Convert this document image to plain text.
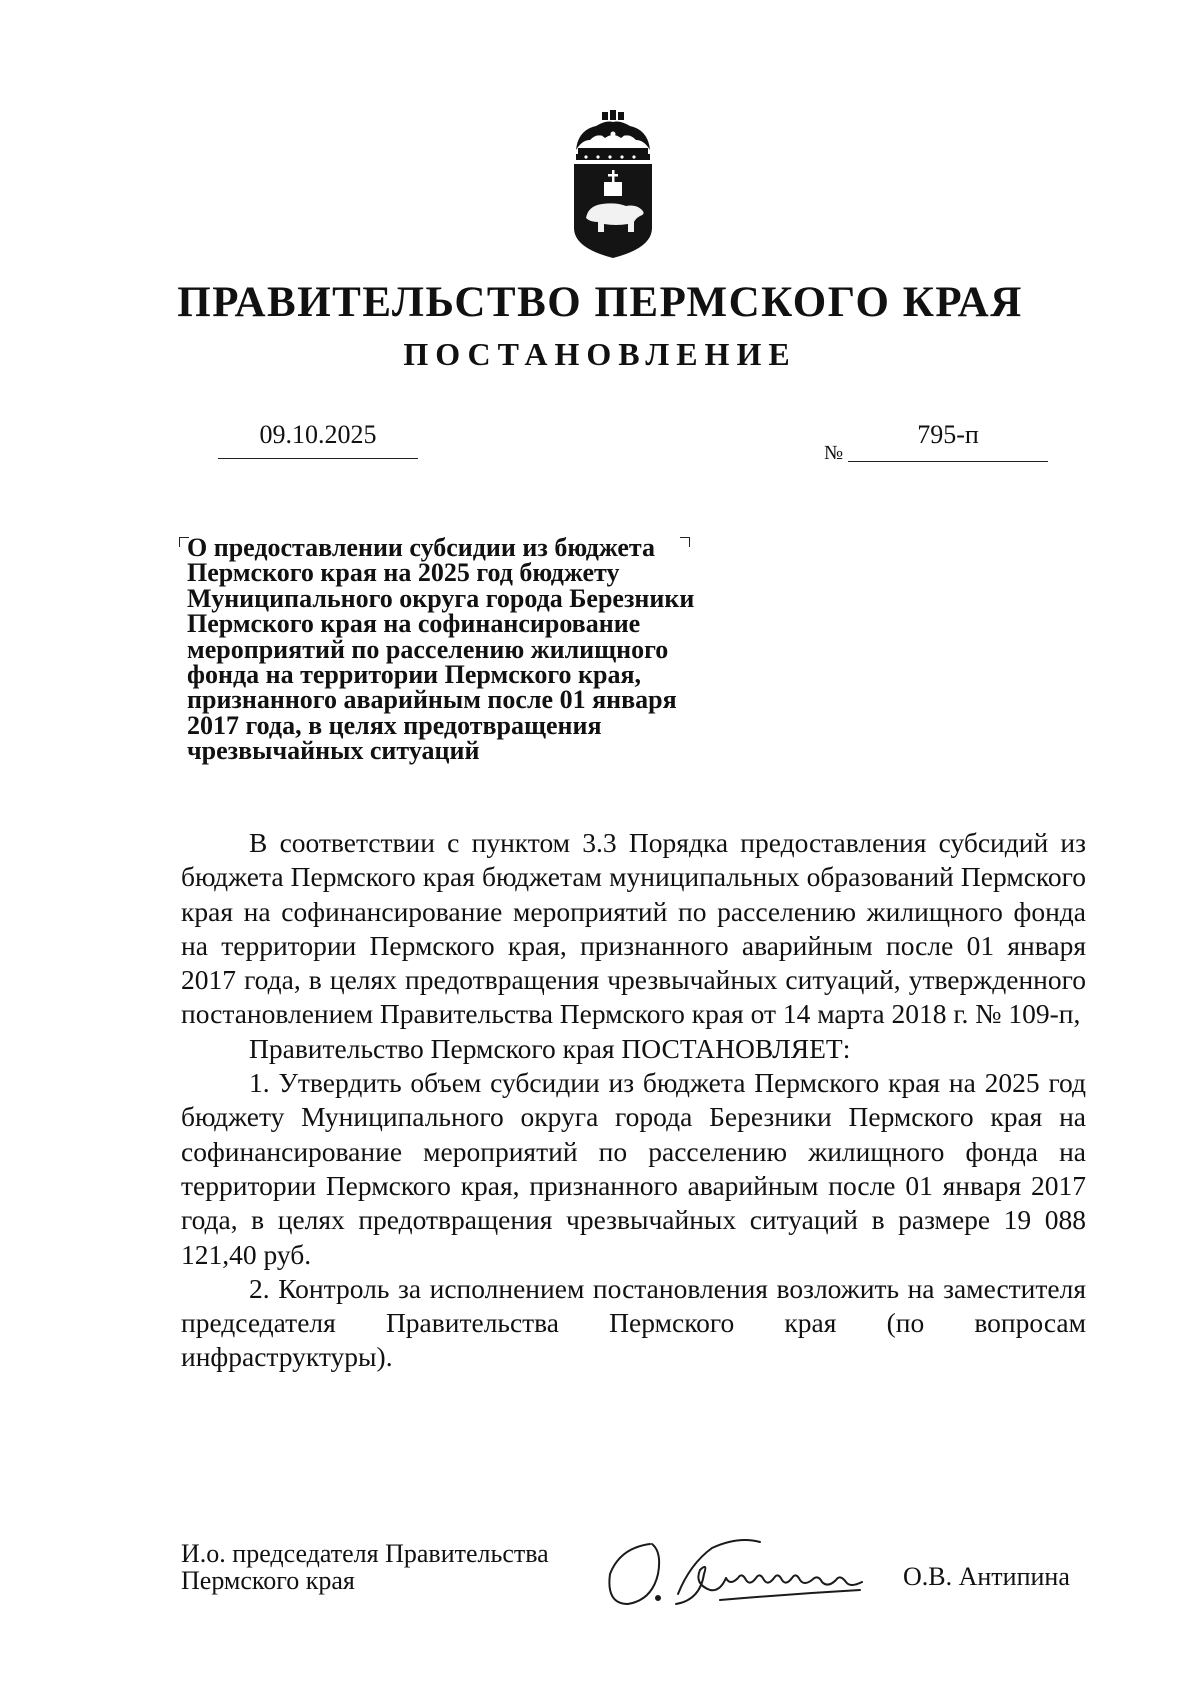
ПРАВИТЕЛЬСТВО ПЕРМСКОГО КРАЯ
ПОСТАНОВЛЕНИЕ
09.10.2025
№
795-п
О предоставлении субсидии из бюджета
Пермского края на 2025 год бюджету
Муниципального округа города Березники
Пермского края на софинансирование
мероприятий по расселению жилищного
фонда на территории Пермского края,
признанного аварийным после 01 января
2017 года, в целях предотвращения
чрезвычайных ситуаций

В соответствии с пунктом 3.3 Порядка предоставления субсидий из бюджета Пермского края бюджетам муниципальных образований Пермского края на софинансирование мероприятий по расселению жилищного фонда на территории Пермского края, признанного аварийным после 01 января 2017 года, в целях предотвращения чрезвычайных ситуаций, утвержденного постановлением Правительства Пермского края от 14 марта 2018 г. № 109-п,

Правительство Пермского края ПОСТАНОВЛЯЕТ:

1. Утвердить объем субсидии из бюджета Пермского края на 2025 год бюджету Муниципального округа города Березники Пермского края на софинансирование мероприятий по расселению жилищного фонда на территории Пермского края, признанного аварийным после 01 января 2017 года, в целях предотвращения чрезвычайных ситуаций в размере 19 088 121,40 руб.

2. Контроль за исполнением постановления возложить на заместителя председателя Правительства Пермского края (по вопросам инфраструктуры).

И.о. председателя Правительства
Пермского края	О.В. Антипина
